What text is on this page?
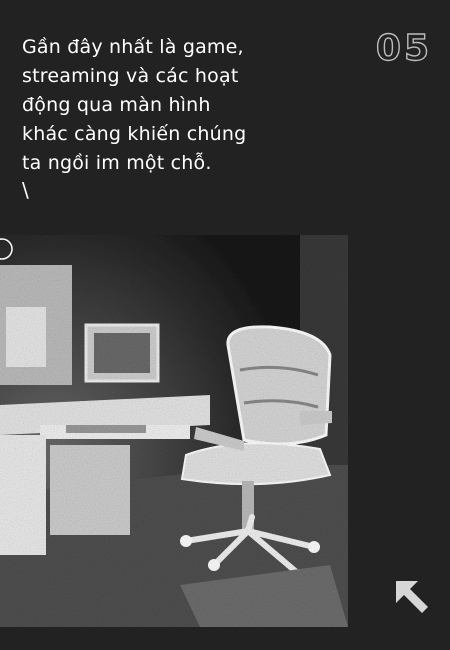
Gần đây nhất là game,
streaming và các hoạt
động qua màn hình
khác càng khiến chúng
ta ngồi im một chỗ.
\
05
